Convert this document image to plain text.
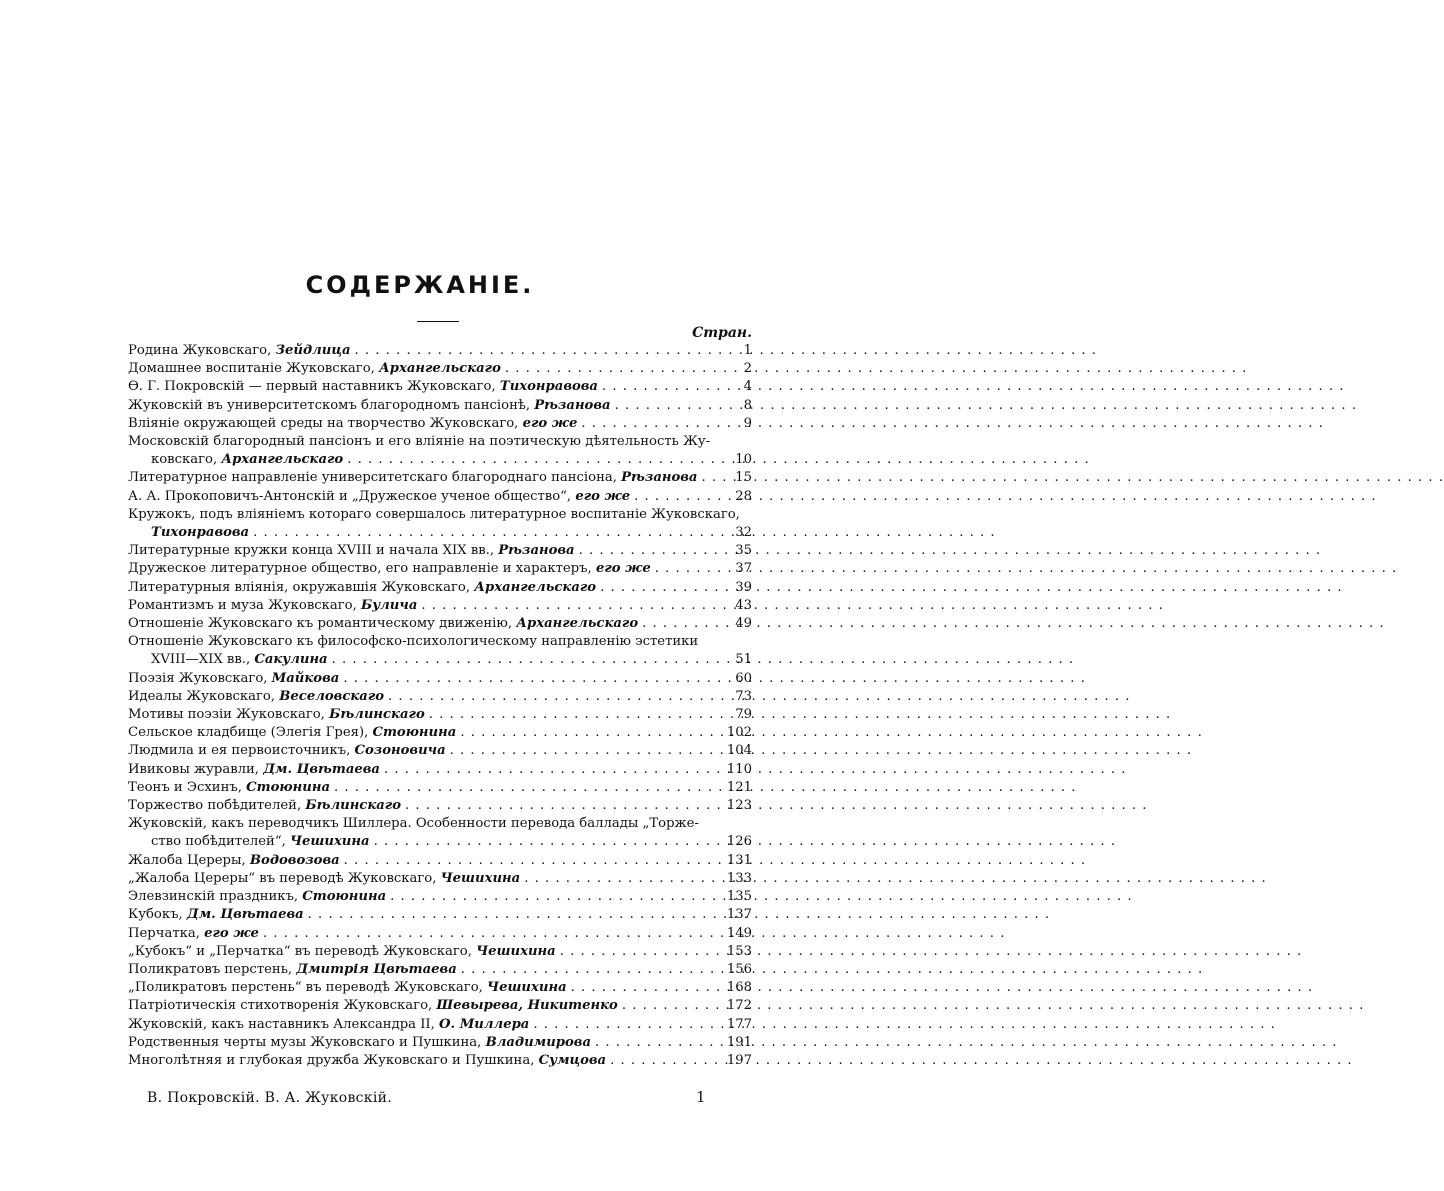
СОДЕРЖАНІЕ.
Стран.
Родина Жуковскаго, Зейдлица . . .	1
Домашнее воспитаніе Жуковскаго, Архангельскаго . . .	2
Ѳ. Г. Покровскій — первый наставникъ Жуковскаго, Тихонравова . . .	4
Жуковскій въ университетскомъ благородномъ пансіонѣ, Рѣзанова . . .	8
Вліяніе окружающей среды на творчество Жуковскаго, его же . . .	9
Московскій благородный пансіонъ и его вліяніе на поэтическую дѣятельность Жу-
ковскаго, Архангельскаго . . .	10
Литературное направленіе университетскаго благороднаго пансіона, Рѣзанова . . .	15
А. А. Прокоповичъ-Антонскій и „Дружеское ученое общество“, его же . . .	28
Кружокъ, подъ вліяніемъ котораго совершалось литературное воспитаніе Жуковскаго,
Тихонравова . . .	32
Литературные кружки конца XVIII и начала XIX вв., Рѣзанова . . .	35
Дружеское литературное общество, его направленіе и характеръ, его же . . .	37
Литературныя вліянія, окружавшія Жуковскаго, Архангельскаго . . .	39
Романтизмъ и муза Жуковскаго, Булича . . .	43
Отношеніе Жуковскаго къ романтическому движенію, Архангельскаго . . .	49
Отношеніе Жуковскаго къ философско-психологическому направленію эстетики
XVIII—XIX вв., Сакулина . . .	51
Поэзія Жуковскаго, Майкова . . .	60
Идеалы Жуковскаго, Веселовскаго . . .	73
Мотивы поэзіи Жуковскаго, Бѣлинскаго . . .	79
Сельское кладбище (Элегія Грея), Стоюнина . . .	102
Людмила и ея первоисточникъ, Созоновича . . .	104
Ивиковы журавли, Дм. Цвѣтаева . . .	110
Теонъ и Эсхинъ, Стоюнина . . .	121
Торжество побѣдителей, Бѣлинскаго . . .	123
Жуковскій, какъ переводчикъ Шиллера. Особенности перевода баллады „Торже-
ство побѣдителей“, Чешихина . . .	126
Жалоба Цереры, Водовозова . . .	131
„Жалоба Цереры“ въ переводѣ Жуковскаго, Чешихина . . .	133
Элевзинскій праздникъ, Стоюнина . . .	135
Кубокъ, Дм. Цвѣтаева . . .	137
Перчатка, его же . . .	149
„Кубокъ“ и „Перчатка“ въ переводѣ Жуковскаго, Чешихина . . .	153
Поликратовъ перстень, Дмитрія Цвѣтаева . . .	156
„Поликратовъ перстень“ въ переводѣ Жуковскаго, Чешихина . . .	168
Патріотическія стихотворенія Жуковскаго, Шевырева, Никитенко . . .	172
Жуковскій, какъ наставникъ Александра II, О. Миллера . . .	177
Родственныя черты музы Жуковскаго и Пушкина, Владимирова . . .	191
Многолѣтняя и глубокая дружба Жуковскаго и Пушкина, Сумцова . . .	197
В. Покровскій. В. А. Жуковскій.	1
